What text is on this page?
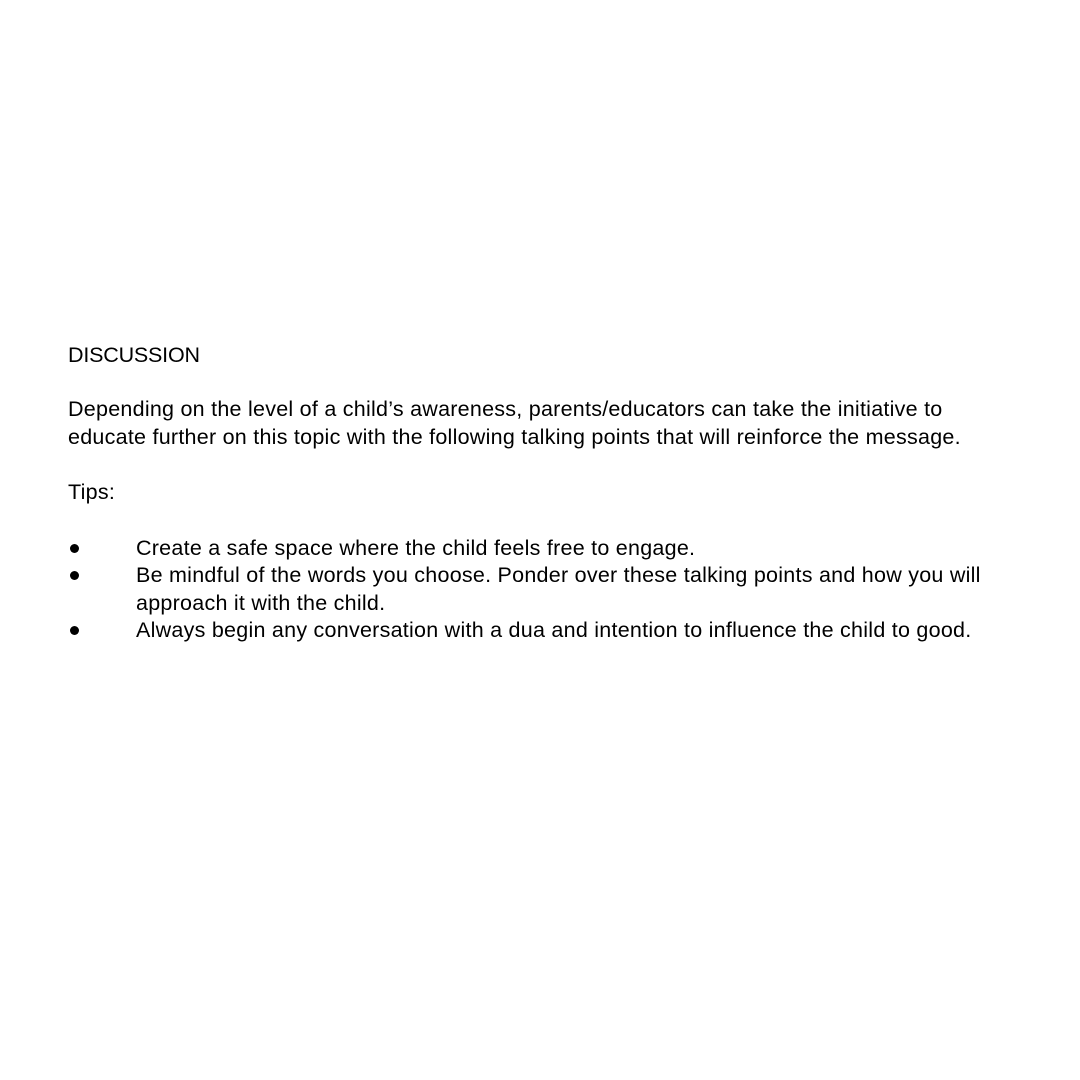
DISCUSSION

Depending on the level of a child’s awareness, parents/educators can take the initiative to educate further on this topic with the following talking points that will reinforce the message.

Tips:

Create a safe space where the child feels free to engage.
Be mindful of the words you choose. Ponder over these talking points and how you will approach it with the child.
Always begin any conversation with a dua and intention to influence the child to good.
